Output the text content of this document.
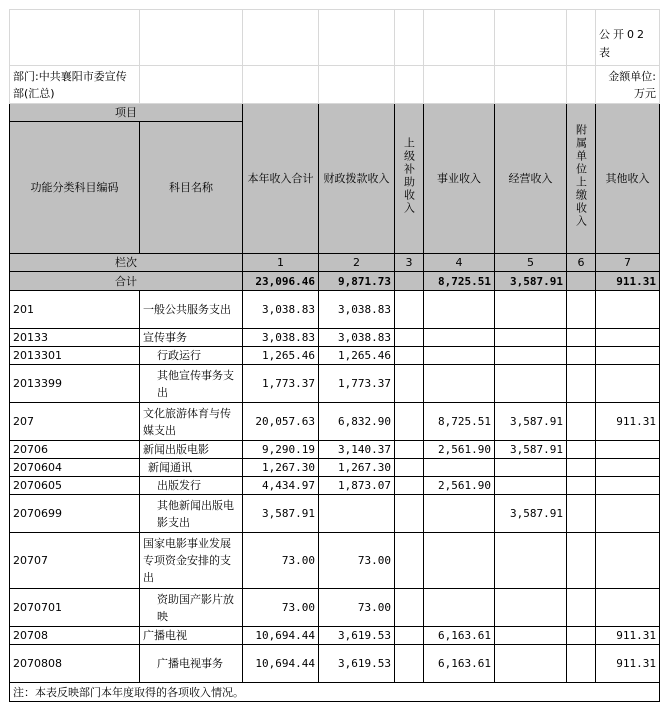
								公开02表
部门:中共襄阳市委宣传部(汇总)								金额单位:万元
项目		本年收入合计	财政拨款收入	上级补助收入	事业收入	经营收入	附属单位上缴收入	其他收入
功能分类科目编码	科目名称							
栏次		1	2	3	4	5	6	7
合计		23,096.46	9,871.73		8,725.51	3,587.91		911.31
201	一般公共服务支出	3,038.83	3,038.83					
20133	宣传事务	3,038.83	3,038.83					
2013301	行政运行	1,265.46	1,265.46					
2013399	其他宣传事务支出	1,773.37	1,773.37					
207	文化旅游体育与传媒支出	20,057.63	6,832.90		8,725.51	3,587.91		911.31
20706	新闻出版电影	9,290.19	3,140.37		2,561.90	3,587.91		
2070604	新闻通讯	1,267.30	1,267.30					
2070605	出版发行	4,434.97	1,873.07		2,561.90			
2070699	其他新闻出版电影支出	3,587.91				3,587.91		
20707	国家电影事业发展专项资金安排的支出	73.00	73.00					
2070701	资助国产影片放映	73.00	73.00					
20708	广播电视	10,694.44	3,619.53		6,163.61			911.31
2070808	广播电视事务	10,694.44	3,619.53		6,163.61			911.31
注：本表反映部门本年度取得的各项收入情况。								
